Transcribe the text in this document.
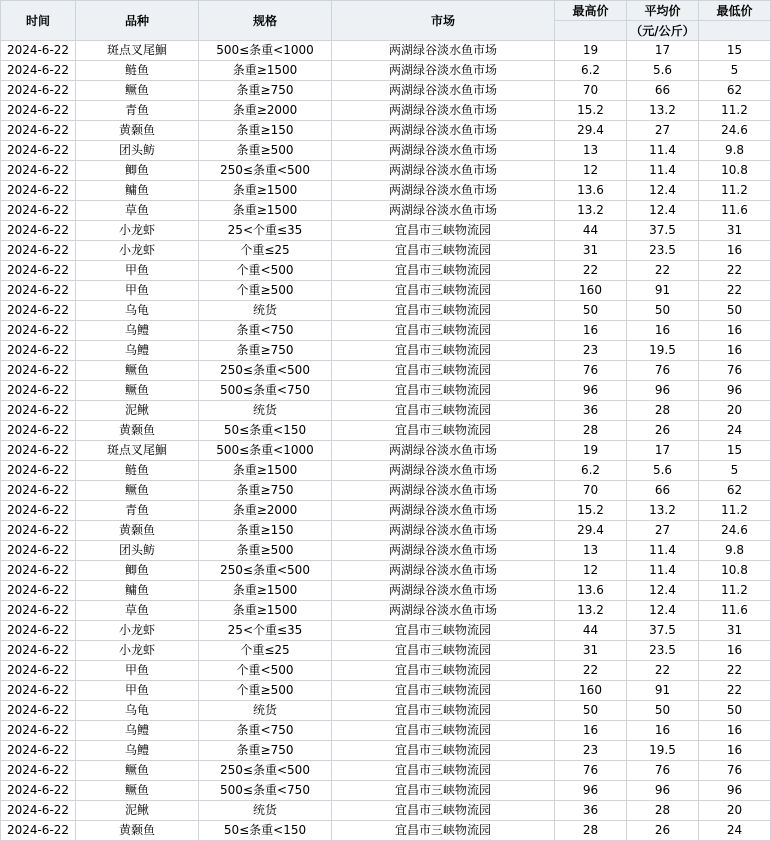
时间	品种	规格	市场	最高价	平均价	最低价
					（元/公斤）	
2024-6-22	斑点叉尾鮰	500≤条重<1000	两湖绿谷淡水鱼市场	19	17	15
2024-6-22	鲢鱼	条重≥1500	两湖绿谷淡水鱼市场	6.2	5.6	5
2024-6-22	鳜鱼	条重≥750	两湖绿谷淡水鱼市场	70	66	62
2024-6-22	青鱼	条重≥2000	两湖绿谷淡水鱼市场	15.2	13.2	11.2
2024-6-22	黄颡鱼	条重≥150	两湖绿谷淡水鱼市场	29.4	27	24.6
2024-6-22	团头鲂	条重≥500	两湖绿谷淡水鱼市场	13	11.4	9.8
2024-6-22	鲫鱼	250≤条重<500	两湖绿谷淡水鱼市场	12	11.4	10.8
2024-6-22	鳙鱼	条重≥1500	两湖绿谷淡水鱼市场	13.6	12.4	11.2
2024-6-22	草鱼	条重≥1500	两湖绿谷淡水鱼市场	13.2	12.4	11.6
2024-6-22	小龙虾	25<个重≤35	宜昌市三峡物流园	44	37.5	31
2024-6-22	小龙虾	个重≤25	宜昌市三峡物流园	31	23.5	16
2024-6-22	甲鱼	个重<500	宜昌市三峡物流园	22	22	22
2024-6-22	甲鱼	个重≥500	宜昌市三峡物流园	160	91	22
2024-6-22	乌龟	统货	宜昌市三峡物流园	50	50	50
2024-6-22	乌鳢	条重<750	宜昌市三峡物流园	16	16	16
2024-6-22	乌鳢	条重≥750	宜昌市三峡物流园	23	19.5	16
2024-6-22	鳜鱼	250≤条重<500	宜昌市三峡物流园	76	76	76
2024-6-22	鳜鱼	500≤条重<750	宜昌市三峡物流园	96	96	96
2024-6-22	泥鳅	统货	宜昌市三峡物流园	36	28	20
2024-6-22	黄颡鱼	50≤条重<150	宜昌市三峡物流园	28	26	24
2024-6-22	斑点叉尾鮰	500≤条重<1000	两湖绿谷淡水鱼市场	19	17	15
2024-6-22	鲢鱼	条重≥1500	两湖绿谷淡水鱼市场	6.2	5.6	5
2024-6-22	鳜鱼	条重≥750	两湖绿谷淡水鱼市场	70	66	62
2024-6-22	青鱼	条重≥2000	两湖绿谷淡水鱼市场	15.2	13.2	11.2
2024-6-22	黄颡鱼	条重≥150	两湖绿谷淡水鱼市场	29.4	27	24.6
2024-6-22	团头鲂	条重≥500	两湖绿谷淡水鱼市场	13	11.4	9.8
2024-6-22	鲫鱼	250≤条重<500	两湖绿谷淡水鱼市场	12	11.4	10.8
2024-6-22	鳙鱼	条重≥1500	两湖绿谷淡水鱼市场	13.6	12.4	11.2
2024-6-22	草鱼	条重≥1500	两湖绿谷淡水鱼市场	13.2	12.4	11.6
2024-6-22	小龙虾	25<个重≤35	宜昌市三峡物流园	44	37.5	31
2024-6-22	小龙虾	个重≤25	宜昌市三峡物流园	31	23.5	16
2024-6-22	甲鱼	个重<500	宜昌市三峡物流园	22	22	22
2024-6-22	甲鱼	个重≥500	宜昌市三峡物流园	160	91	22
2024-6-22	乌龟	统货	宜昌市三峡物流园	50	50	50
2024-6-22	乌鳢	条重<750	宜昌市三峡物流园	16	16	16
2024-6-22	乌鳢	条重≥750	宜昌市三峡物流园	23	19.5	16
2024-6-22	鳜鱼	250≤条重<500	宜昌市三峡物流园	76	76	76
2024-6-22	鳜鱼	500≤条重<750	宜昌市三峡物流园	96	96	96
2024-6-22	泥鳅	统货	宜昌市三峡物流园	36	28	20
2024-6-22	黄颡鱼	50≤条重<150	宜昌市三峡物流园	28	26	24
